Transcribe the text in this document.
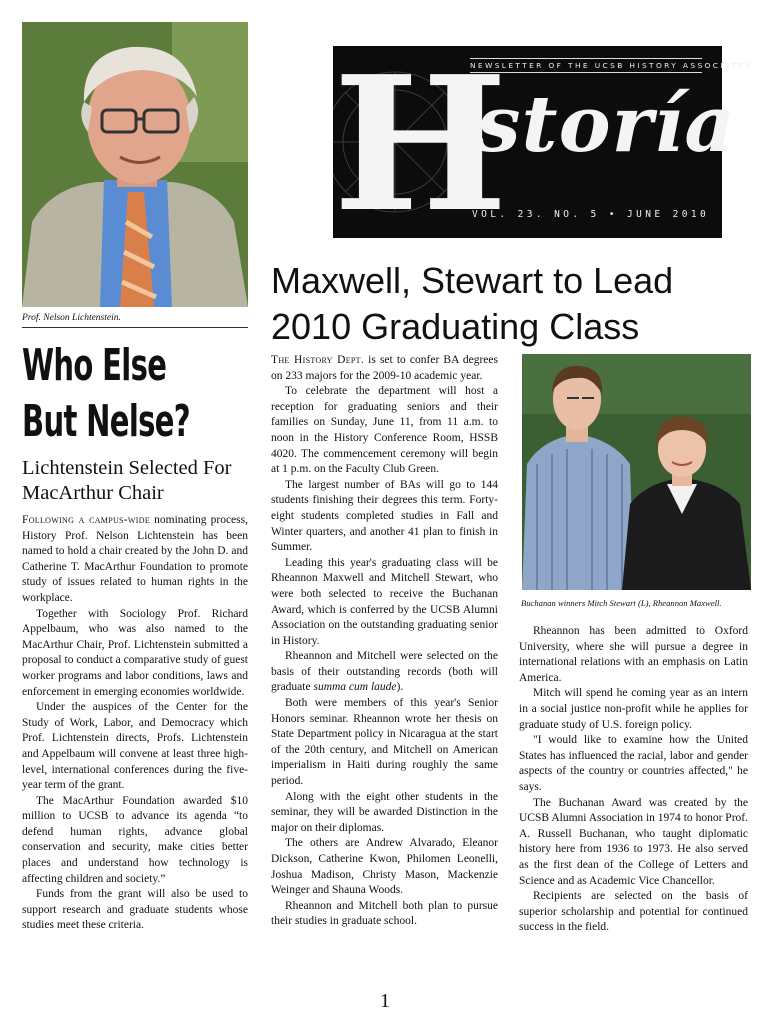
Prof. Nelson Lichtenstein.
Who Else
But Nelse?
Lichtenstein Selected For MacArthur Chair

Following a campus-wide nominating process, History Prof. Nelson Lichtenstein has been named to hold a chair created by the John D. and Catherine T. MacArthur Foundation to promote study of issues related to human rights in the workplace.

Together with Sociology Prof. Richard Appelbaum, who was also named to the MacArthur Chair, Prof. Lichtenstein submitted a proposal to conduct a comparative study of guest worker programs and labor conditions, laws and enforcement in emerging economies worldwide.

Under the auspices of the Center for the Study of Work, Labor, and Democracy which Prof. Lichtenstein directs, Profs. Lichtenstein and Appelbaum will convene at least three high-level, international conferences during the five-year term of the grant.

The MacArthur Foundation awarded $10 million to UCSB to advance its agenda “to defend human rights, advance global conservation and security, make cities better places and understand how technology is affecting children and society.”

Funds from the grant will also be used to support research and graduate students whose studies meet these criteria.

H
NEWSLETTER OF THE UCSB HISTORY ASSOCIATES
istoría
VOL. 23. NO. 5 • JUNE 2010
Maxwell, Stewart to Lead 2010 Graduating Class

The History Dept. is set to confer BA degrees on 233 majors for the 2009-10 academic year.

To celebrate the department will host a reception for graduating seniors and their families on Sunday, June 11, from 11 a.m. to noon in the History Conference Room, HSSB 4020. The commencement ceremony will begin at 1 p.m. on the Faculty Club Green.

The largest number of BAs will go to 144 students finishing their degrees this term. Forty-eight students completed studies in Fall and Winter quarters, and another 41 plan to finish in Summer.

Leading this year's graduating class will be Rheannon Maxwell and Mitchell Stewart, who were both selected to receive the Buchanan Award, which is conferred by the UCSB Alumni Association on the outstanding graduating senior in History.

Rheannon and Mitchell were selected on the basis of their outstanding records (both will graduate summa cum laude).

Both were members of this year's Senior Honors seminar. Rheannon wrote her thesis on State Department policy in Nicaragua at the start of the 20th century, and Mitchell on American imperialism in Haiti during roughly the same period.

Along with the eight other students in the seminar, they will be awarded Distinction in the major on their diplomas.

The others are Andrew Alvarado, Eleanor Dickson, Catherine Kwon, Philomen Leonelli, Joshua Madison, Christy Mason, Mackenzie Weinger and Shauna Woods.

Rheannon and Mitchell both plan to pursue their studies in graduate school.

Buchanan winners Mitch Stewart (L), Rheannon Maxwell.

Rheannon has been admitted to Oxford University, where she will pursue a degree in international relations with an emphasis on Latin America.

Mitch will spend he coming year as an intern in a social justice non-profit while he applies for graduate study of U.S. foreign policy.

"I would like to examine how the United States has influenced the racial, labor and gender aspects of the country or countries affected," he says.

The Buchanan Award was created by the UCSB Alumni Association in 1974 to honor Prof. A. Russell Buchanan, who taught diplomatic history here from 1936 to 1973. He also served as the first dean of the College of Letters and Science and as Academic Vice Chancellor.

Recipients are selected on the basis of superior scholarship and potential for continued success in the field.

1
